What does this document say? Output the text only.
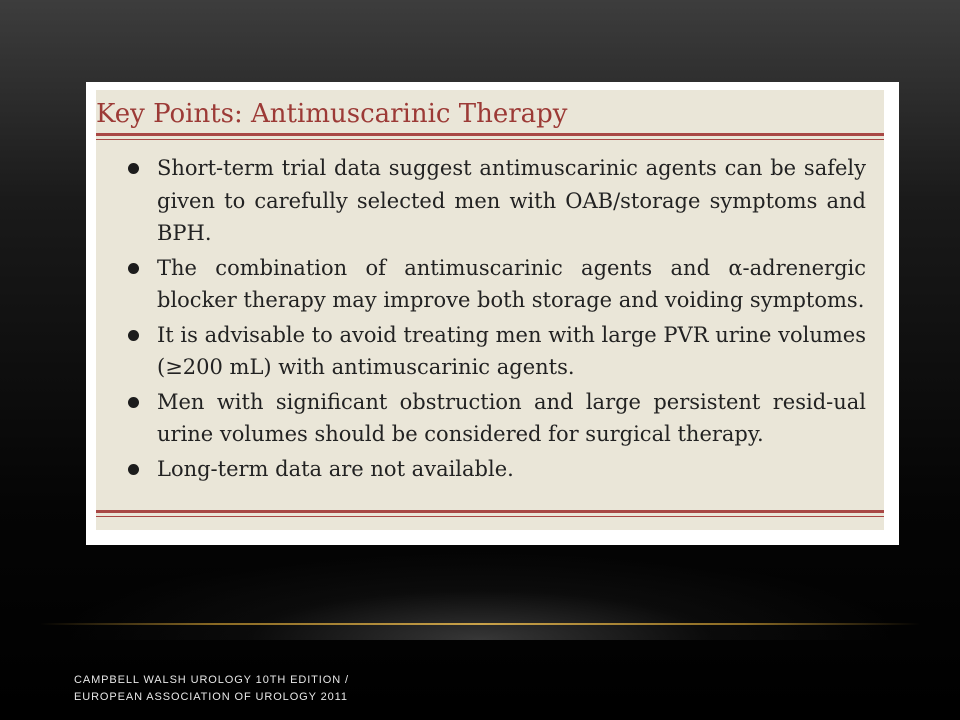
Key Points: Antimuscarinic Therapy
Short-term trial data suggest antimuscarinic agents can be safely given to carefully selected men with OAB/storage symptoms and BPH.
The combination of antimuscarinic agents and α-adrenergic blocker therapy may improve both storage and voiding symptoms.
It is advisable to avoid treating men with large PVR urine volumes (≥200 mL) with antimuscarinic agents.
Men with significant obstruction and large persistent resid-ual urine volumes should be considered for surgical therapy.
Long-term data are not available.
CAMPBELL WALSH UROLOGY 10TH EDITION /
EUROPEAN ASSOCIATION OF UROLOGY 2011
